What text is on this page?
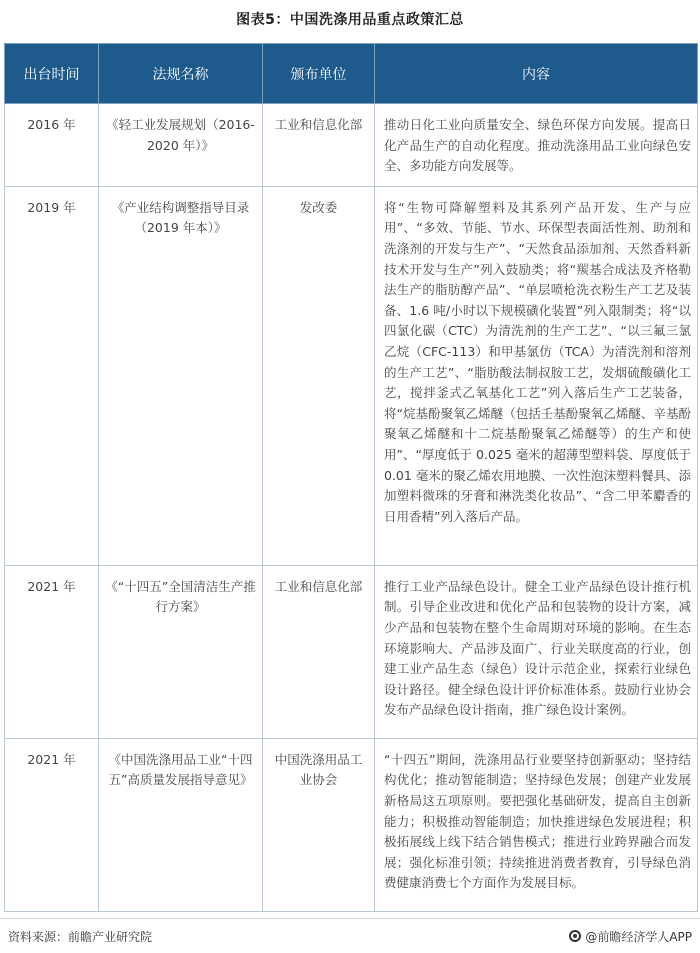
图表5：中国洗涤用品重点政策汇总
出台时间	法规名称	颁布单位	内容
2016 年	《轻工业发展规划（2016-2020 年）》	工业和信息化部	推动日化工业向质量安全、绿色环保方向发展。提高日化产品生产的自动化程度。推动洗涤用品工业向绿色安全、多功能方向发展等。
2019 年	《产业结构调整指导目录（2019 年本）》	发改委	将“生物可降解塑料及其系列产品开发、生产与应用”、“多效、节能、节水、环保型表面活性剂、助剂和洗涤剂的开发与生产”、“天然食品添加剂、天然香料新技术开发与生产”列入鼓励类；将“羰基合成法及齐格勒法生产的脂肪醇产品”、“单层喷枪洗衣粉生产工艺及装备、1.6 吨/小时以下规模磺化装置”列入限制类；将“以四氯化碳（CTC）为清洗剂的生产工艺”、“以三氟三氯乙烷（CFC-113）和甲基氯仿（TCA）为清洗剂和溶剂的生产工艺”、“脂肪酸法制叔胺工艺，发烟硫酸磺化工艺，搅拌釜式乙氧基化工艺”列入落后生产工艺装备，将“烷基酚聚氧乙烯醚（包括壬基酚聚氧乙烯醚、辛基酚聚氧乙烯醚和十二烷基酚聚氧乙烯醚等）的生产和使用”、“厚度低于 0.025 毫米的超薄型塑料袋、厚度低于 0.01 毫米的聚乙烯农用地膜、一次性泡沫塑料餐具、添加塑料微珠的牙膏和淋洗类化妆品”、“含二甲苯麝香的日用香精”列入落后产品。
2021 年	《“十四五”全国清洁生产推行方案》	工业和信息化部	推行工业产品绿色设计。健全工业产品绿色设计推行机制。引导企业改进和优化产品和包装物的设计方案，减少产品和包装物在整个生命周期对环境的影响。在生态环境影响大、产品涉及面广、行业关联度高的行业，创建工业产品生态（绿色）设计示范企业，探索行业绿色设计路径。健全绿色设计评价标准体系。鼓励行业协会发布产品绿色设计指南，推广绿色设计案例。
2021 年	《中国洗涤用品工业“十四五”高质量发展指导意见》	中国洗涤用品工业协会	“十四五”期间，洗涤用品行业要坚持创新驱动；坚持结构优化；推动智能制造；坚持绿色发展；创建产业发展新格局这五项原则。要把强化基础研发，提高自主创新能力；积极推动智能制造；加快推进绿色发展进程；积极拓展线上线下结合销售模式；推进行业跨界融合而发展；强化标准引领；持续推进消费者教育，引导绿色消费健康消费七个方面作为发展目标。
资料来源：前瞻产业研究院	@前瞻经济学人APP
